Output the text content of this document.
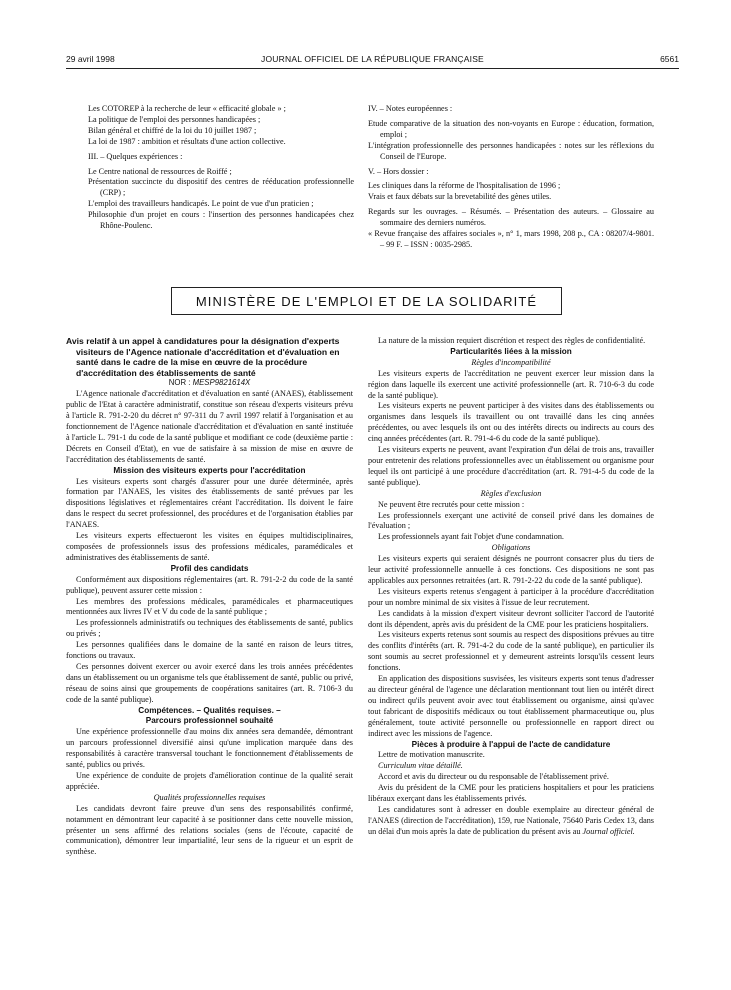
29 avril 1998	JOURNAL OFFICIEL DE LA RÉPUBLIQUE FRANÇAISE	6561

Les COTOREP à la recherche de leur « efficacité globale » ;

La politique de l'emploi des personnes handicapées ;

Bilan général et chiffré de la loi du 10 juillet 1987 ;

La loi de 1987 : ambition et résultats d'une action collective.

III. – Quelques expériences :

Le Centre national de ressources de Roiffé ;

Présentation succincte du dispositif des centres de rééducation professionnelle (CRP) ;

L'emploi des travailleurs handicapés. Le point de vue d'un praticien ;

Philosophie d'un projet en cours : l'insertion des personnes handicapées chez Rhône-Poulenc.

IV. – Notes européennes :

Etude comparative de la situation des non-voyants en Europe : éducation, formation, emploi ;

L'intégration professionnelle des personnes handicapées : notes sur les réflexions du Conseil de l'Europe.

V. – Hors dossier :

Les cliniques dans la réforme de l'hospitalisation de 1996 ;

Vrais et faux débats sur la brevetabilité des gènes utiles.

Regards sur les ouvrages. – Résumés. – Présentation des auteurs. – Glossaire au sommaire des derniers numéros.

« Revue française des affaires sociales », n° 1, mars 1998, 208 p., CA : 08207/4-9801. – 99 F. – ISSN : 0035-2985.

MINISTÈRE DE L'EMPLOI ET DE LA SOLIDARITÉ

Avis relatif à un appel à candidatures pour la désignation d'experts visiteurs de l'Agence nationale d'accréditation et d'évaluation en santé dans le cadre de la mise en œuvre de la procédure d'accréditation des établissements de santé

NOR : MESP9821614X

L'Agence nationale d'accréditation et d'évaluation en santé (ANAES), établissement public de l'Etat à caractère administratif, constitue son réseau d'experts visiteurs prévu à l'article R. 791-2-20 du décret n° 97-311 du 7 avril 1997 relatif à l'organisation et au fonctionnement de l'Agence nationale d'accréditation et d'évaluation en santé instituée à l'article L. 791-1 du code de la santé publique et modifiant ce code (deuxième partie : Décrets en Conseil d'Etat), en vue de satisfaire à sa mission de mise en œuvre de l'accréditation des établissements de santé.

Mission des visiteurs experts pour l'accréditation

Les visiteurs experts sont chargés d'assurer pour une durée déterminée, après formation par l'ANAES, les visites des établissements de santé prévues par les dispositions législatives et réglementaires créant l'accréditation. Ils doivent le faire dans le respect du secret professionnel, des procédures et de l'organisation établies par l'ANAES.

Les visiteurs experts effectueront les visites en équipes multidisciplinaires, composées de professionnels issus des professions médicales, paramédicales et administratives des établissements de santé.

Profil des candidats

Conformément aux dispositions réglementaires (art. R. 791-2-2 du code de la santé publique), peuvent assurer cette mission :

Les membres des professions médicales, paramédicales et pharmaceutiques mentionnées aux livres IV et V du code de la santé publique ;

Les professionnels administratifs ou techniques des établissements de santé, publics ou privés ;

Les personnes qualifiées dans le domaine de la santé en raison de leurs titres, fonctions ou travaux.

Ces personnes doivent exercer ou avoir exercé dans les trois années précédentes dans un établissement ou un organisme tels que établissement de santé, public ou privé, réseau de soins ainsi que groupements de coopérations sanitaires (art. R. 7106-3 du code de la santé publique).

Compétences. – Qualités requises. –

Parcours professionnel souhaité

Une expérience professionnelle d'au moins dix années sera demandée, démontrant un parcours professionnel diversifié ainsi qu'une implication marquée dans des responsabilités à caractère transversal touchant le fonctionnement d'établissements de santé, publics ou privés.

Une expérience de conduite de projets d'amélioration continue de la qualité serait appréciée.

Qualités professionnelles requises

Les candidats devront faire preuve d'un sens des responsabilités confirmé, notamment en démontrant leur capacité à se positionner dans cette nouvelle mission, présenter un sens affirmé des relations sociales (sens de l'écoute, capacité de communication), démontrer leur impartialité, leur sens de la rigueur et un esprit de synthèse.

La nature de la mission requiert discrétion et respect des règles de confidentialité.

Particularités liées à la mission

Règles d'incompatibilité

Les visiteurs experts de l'accréditation ne peuvent exercer leur mission dans la région dans laquelle ils exercent une activité professionnelle (art. R. 710-6-3 du code de la santé publique).

Les visiteurs experts ne peuvent participer à des visites dans des établissements ou organismes dans lesquels ils travaillent ou ont travaillé dans les cinq années précédentes, ou avec lesquels ils ont ou des intérêts directs ou indirects au cours des cinq années précédentes (art. R. 791-4-6 du code de la santé publique).

Les visiteurs experts ne peuvent, avant l'expiration d'un délai de trois ans, travailler pour entretenir des relations professionnelles avec un établissement ou organisme pour lequel ils ont participé à une procédure d'accréditation (art. R. 791-4-5 du code de la santé publique).

Règles d'exclusion

Ne peuvent être recrutés pour cette mission :

Les professionnels exerçant une activité de conseil privé dans les domaines de l'évaluation ;

Les professionnels ayant fait l'objet d'une condamnation.

Obligations

Les visiteurs experts qui seraient désignés ne pourront consacrer plus du tiers de leur activité professionnelle annuelle à ces fonctions. Ces dispositions ne sont pas applicables aux personnes retraitées (art. R. 791-2-22 du code de la santé publique).

Les visiteurs experts retenus s'engagent à participer à la procédure d'accréditation pour un nombre minimal de six visites à l'issue de leur recrutement.

Les candidats à la mission d'expert visiteur devront solliciter l'accord de l'autorité dont ils dépendent, après avis du président de la CME pour les praticiens hospitaliers.

Les visiteurs experts retenus sont soumis au respect des dispositions prévues au titre des conflits d'intérêts (art. R. 791-4-2 du code de la santé publique), en particulier ils sont soumis au secret professionnel et y demeurent astreints lorsqu'ils cessent leurs fonctions.

En application des dispositions susvisées, les visiteurs experts sont tenus d'adresser au directeur général de l'agence une déclaration mentionnant tout lien ou intérêt direct ou indirect qu'ils peuvent avoir avec tout établissement ou organisme, ainsi qu'avec tout fabricant de dispositifs médicaux ou tout établissement pharmaceutique ou, plus généralement, toute activité personnelle ou professionnelle en rapport direct ou indirect avec les missions de l'agence.

Pièces à produire à l'appui de l'acte de candidature

Lettre de motivation manuscrite.

Curriculum vitae détaillé.

Accord et avis du directeur ou du responsable de l'établissement privé.

Avis du président de la CME pour les praticiens hospitaliers et pour les praticiens libéraux exerçant dans les établissements privés.

Les candidatures sont à adresser en double exemplaire au directeur général de l'ANAES (direction de l'accréditation), 159, rue Nationale, 75640 Paris Cedex 13, dans un délai d'un mois après la date de publication du présent avis au Journal officiel.
